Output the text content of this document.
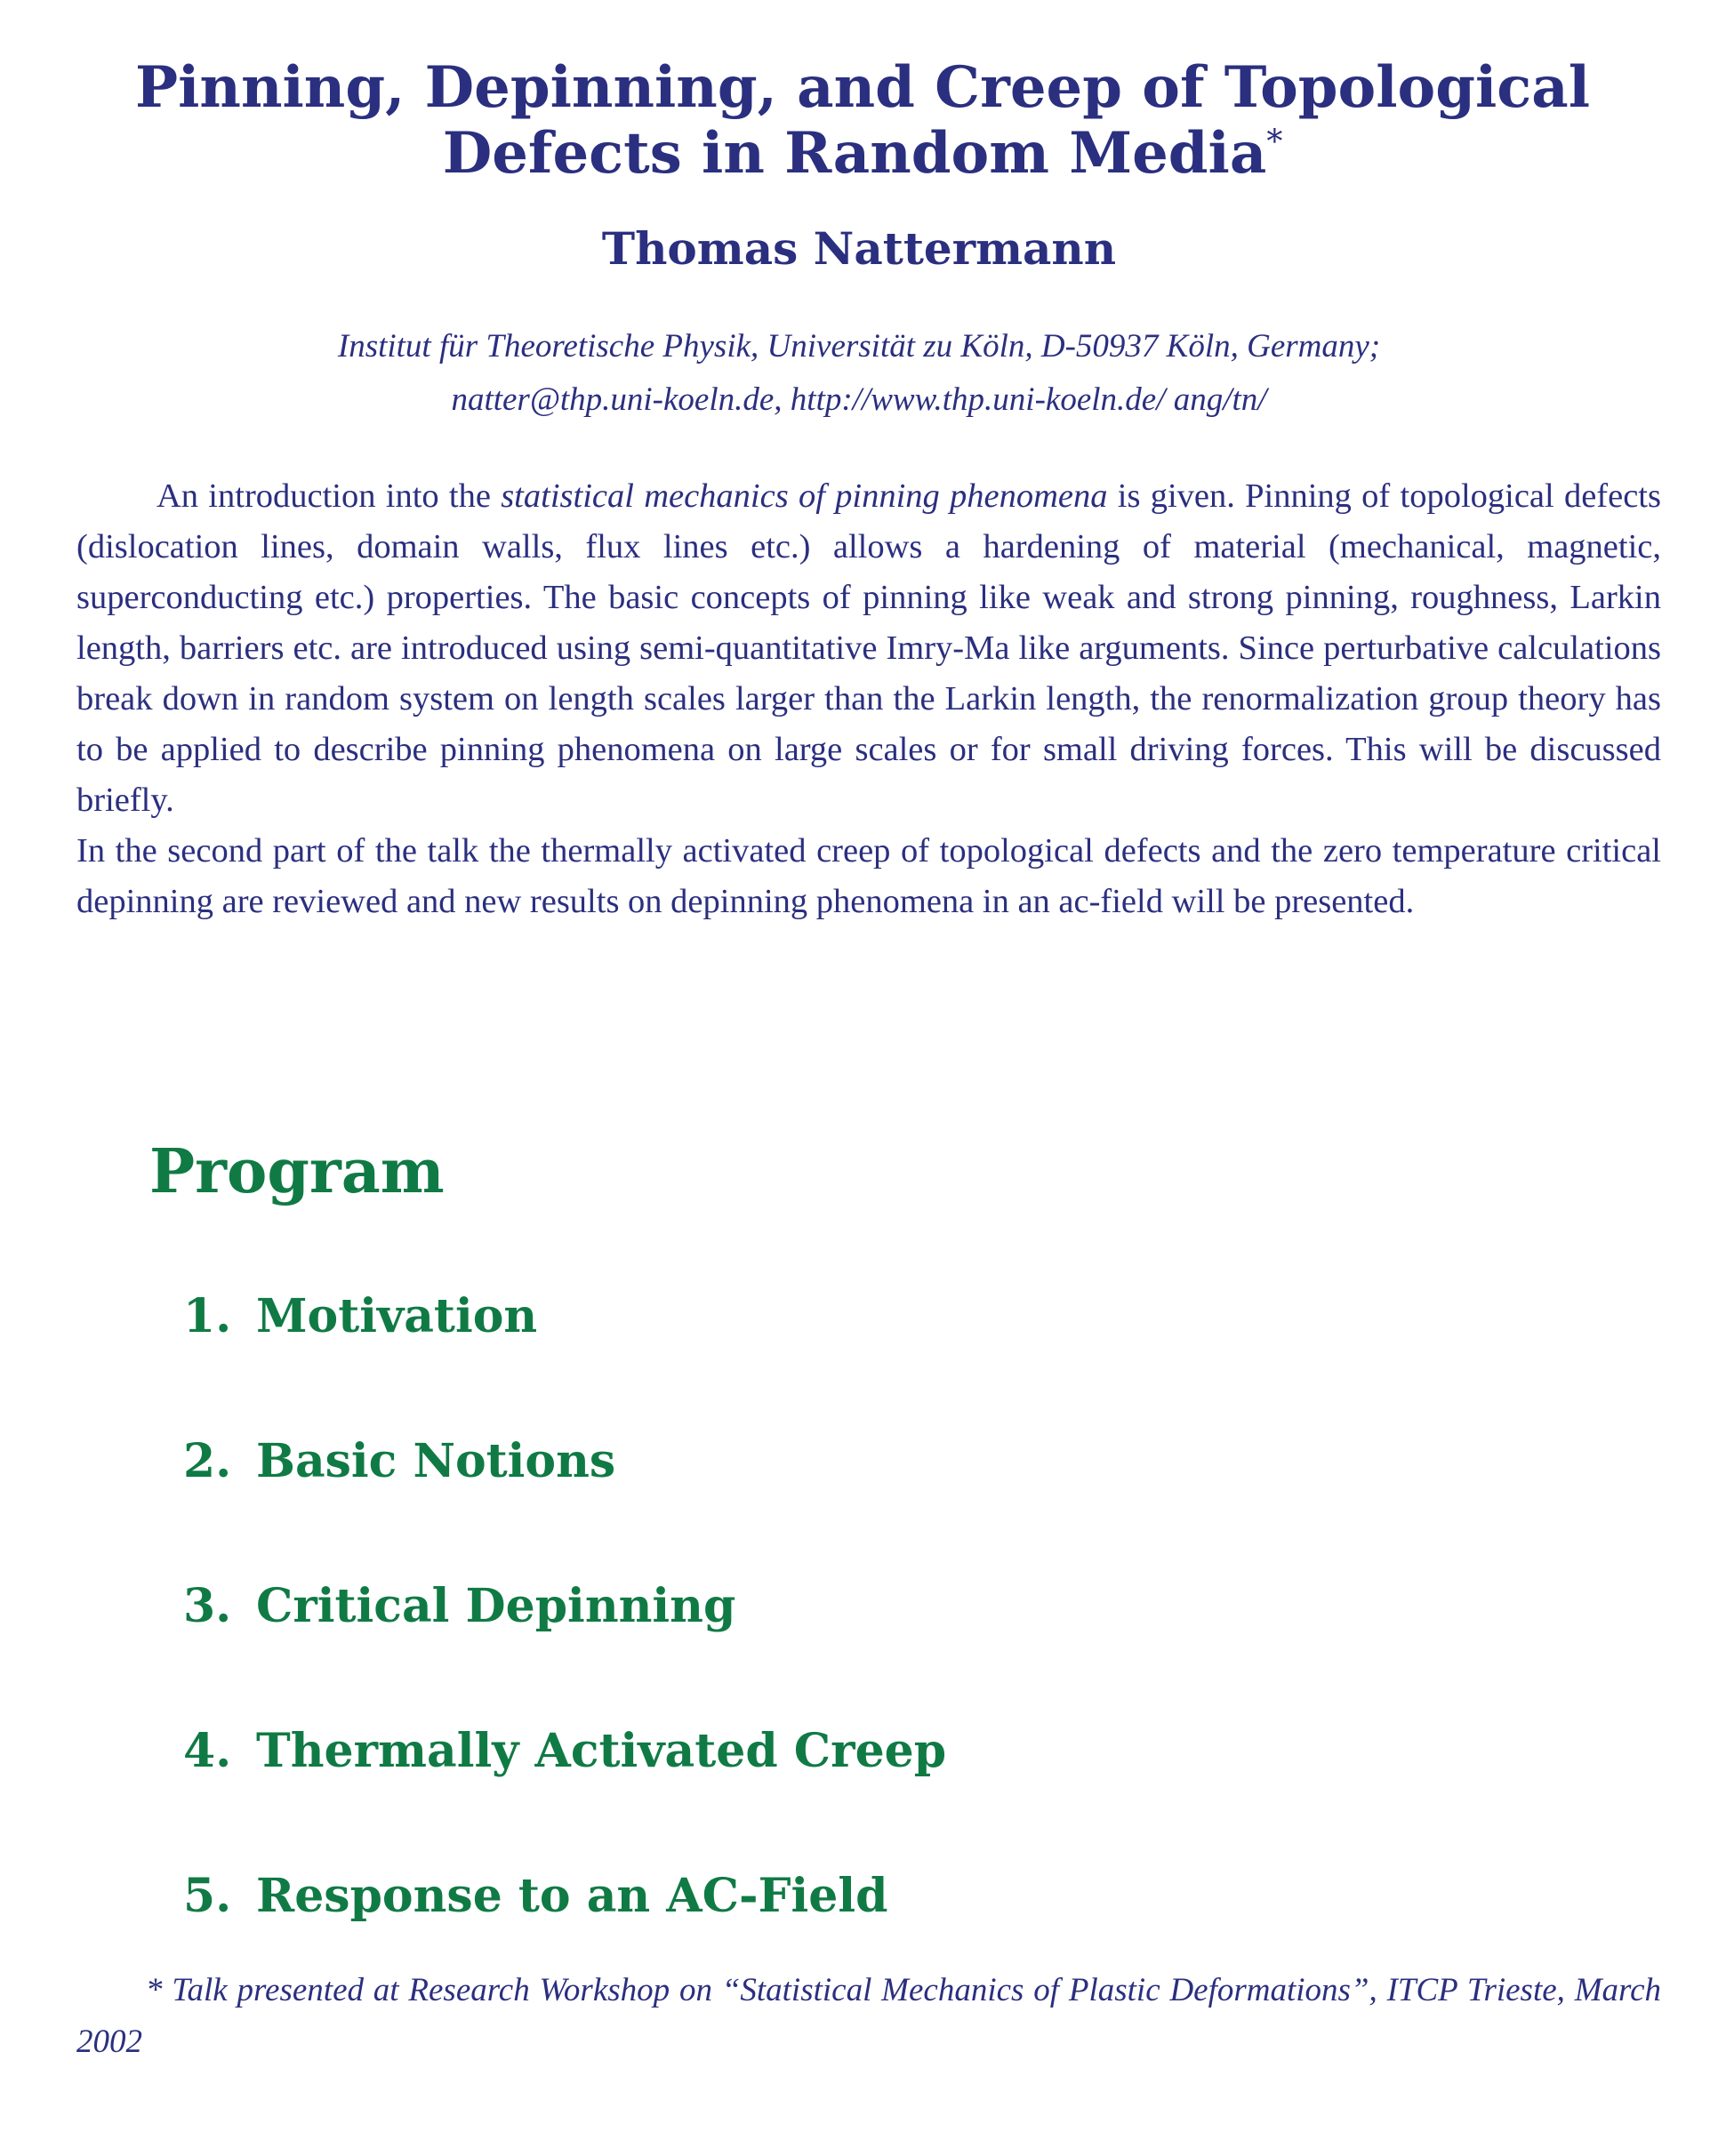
Pinning, Depinning, and Creep of Topological Defects in Random Media*
Thomas Nattermann
Institut für Theoretische Physik, Universität zu Köln, D-50937 Köln, Germany;
natter@thp.uni-koeln.de, http://www.thp.uni-koeln.de/ ang/tn/

An introduction into the statistical mechanics of pinning phenomena is given. Pinning of topological defects (dislocation lines, domain walls, flux lines etc.) allows a hardening of material (mechanical, magnetic, superconducting etc.) properties. The basic concepts of pinning like weak and strong pinning, roughness, Larkin length, barriers etc. are introduced using semi-quantitative Imry-Ma like arguments. Since perturbative calculations break down in random system on length scales larger than the Larkin length, the renormalization group theory has to be applied to describe pinning phenomena on large scales or for small driving forces. This will be discussed briefly.

In the second part of the talk the thermally activated creep of topological defects and the zero temperature critical depinning are reviewed and new results on depinning phenomena in an ac-field will be presented.

Program
1. Motivation
2. Basic Notions
3. Critical Depinning
4. Thermally Activated Creep
5. Response to an AC-Field
* Talk presented at Research Workshop on “Statistical Mechanics of Plastic Deformations”, ITCP Trieste, March 2002
